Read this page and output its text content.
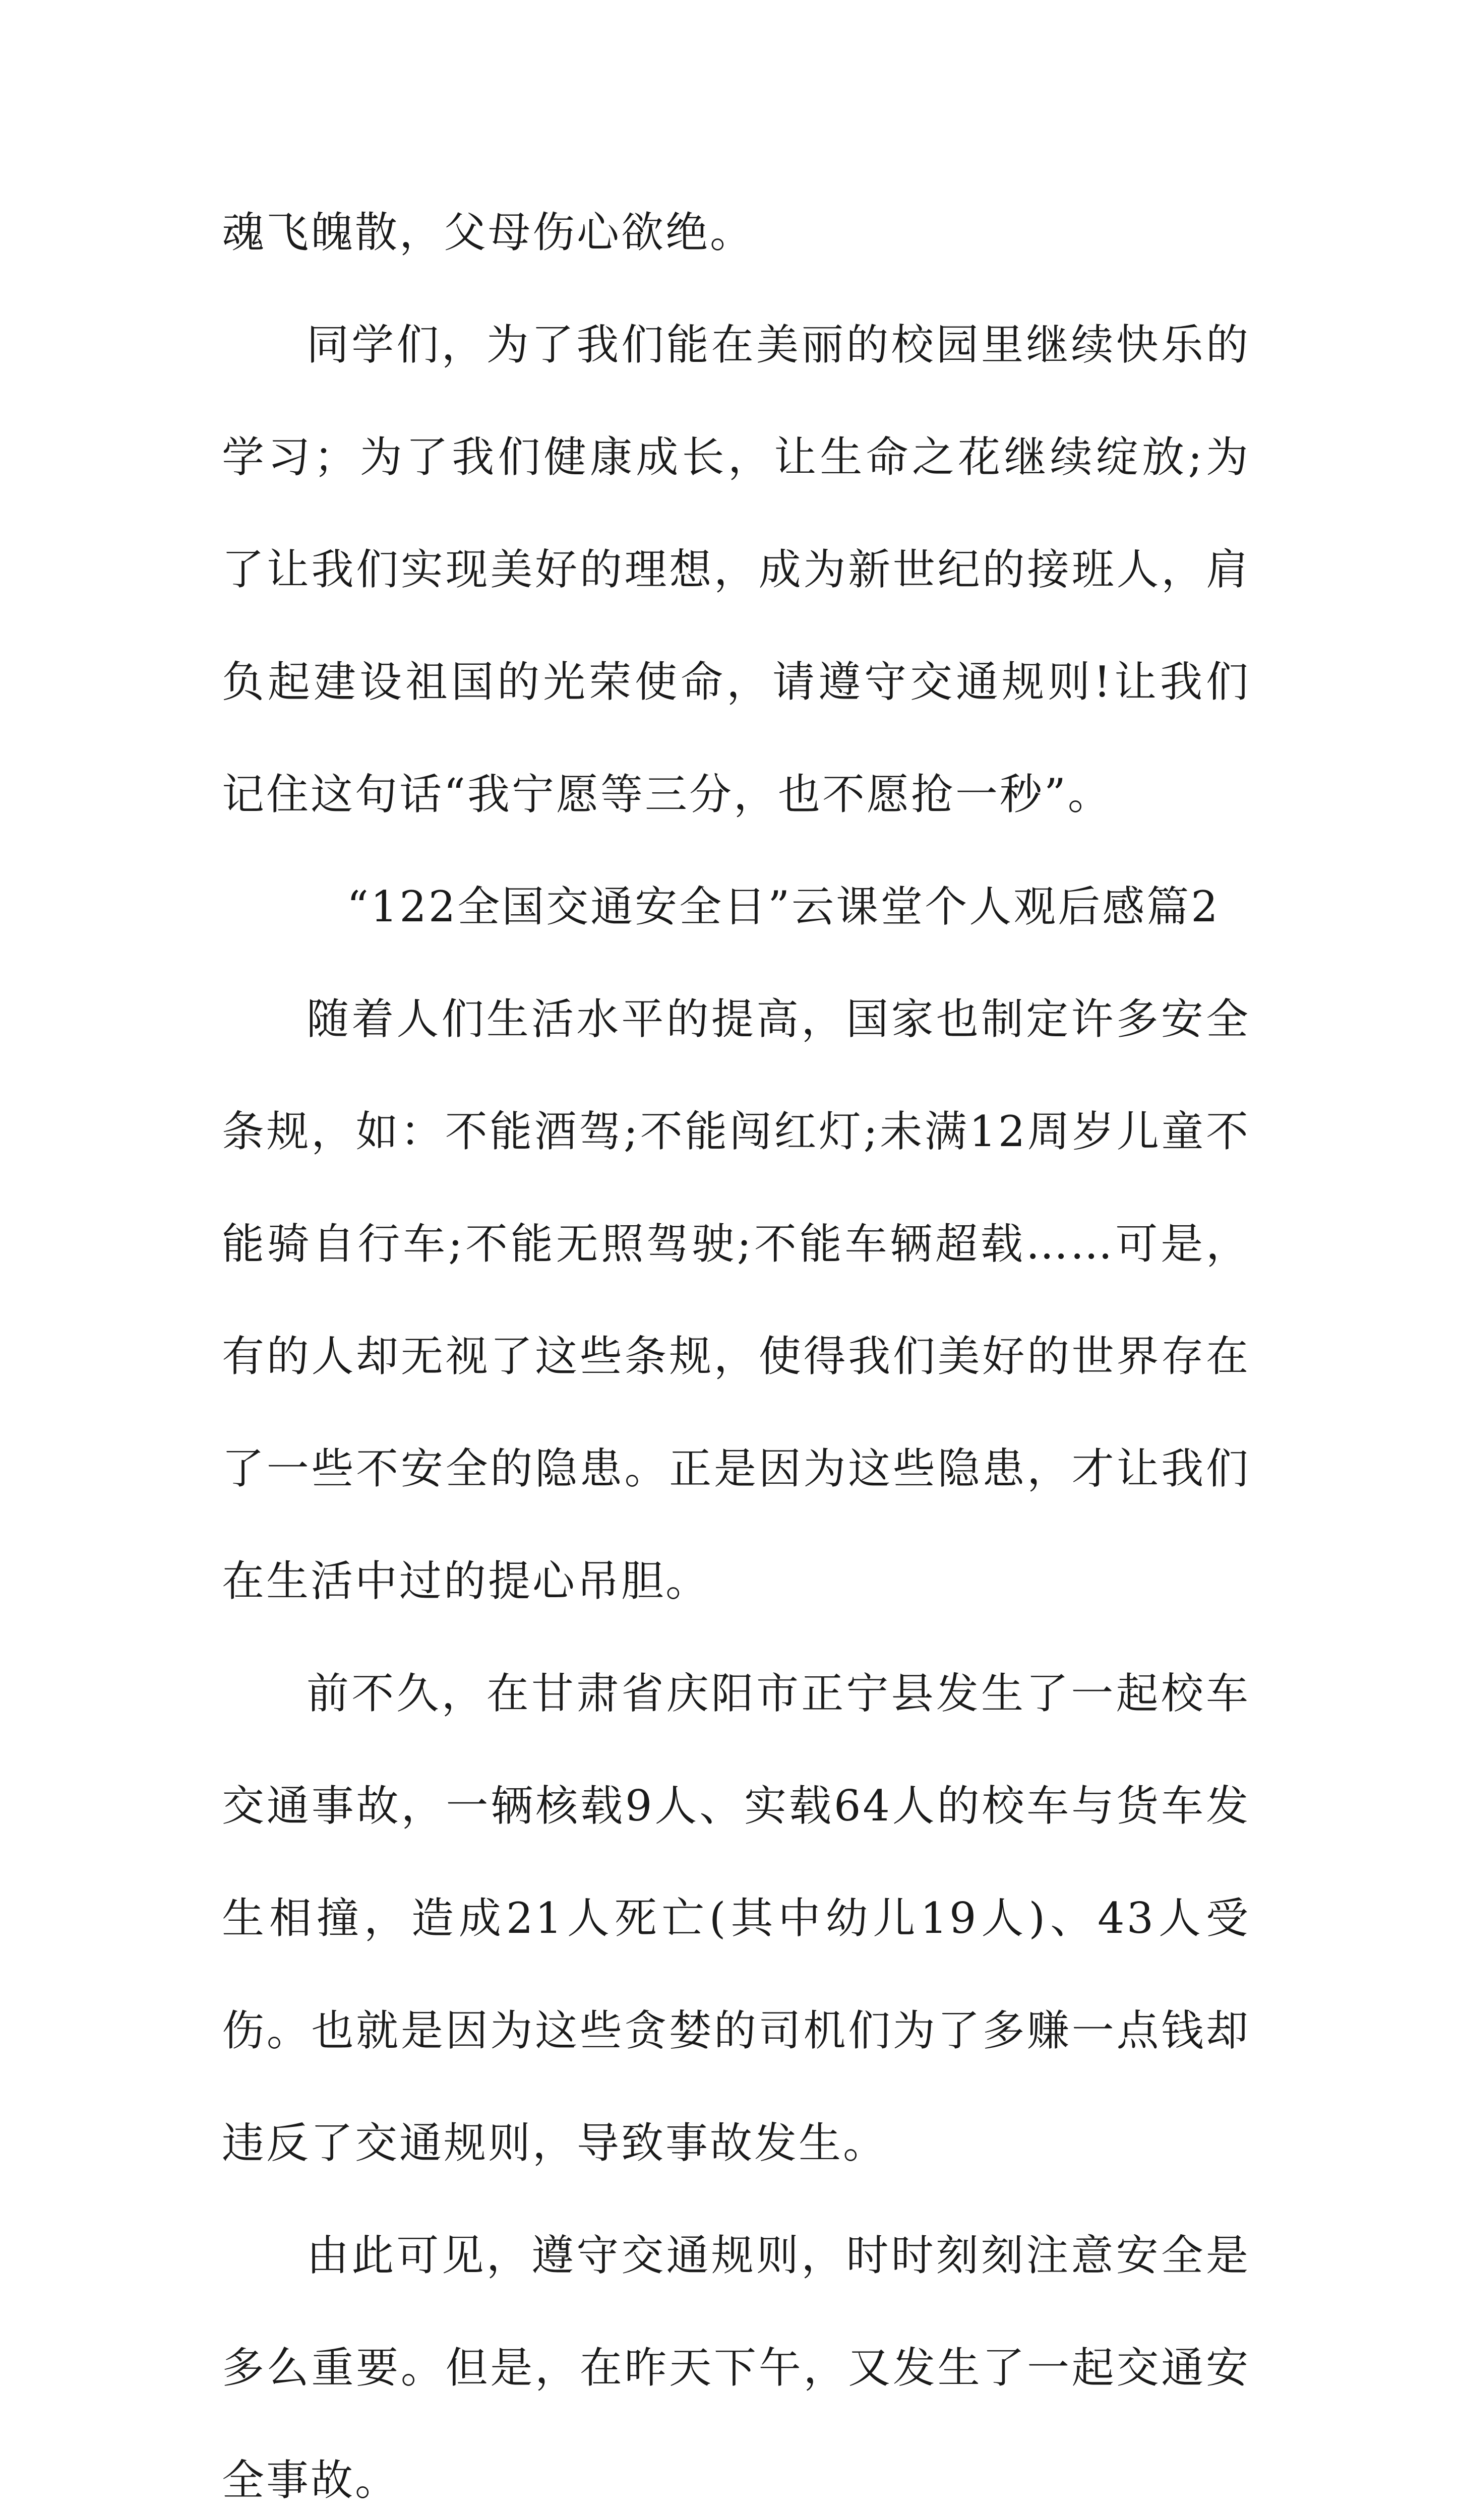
魂飞魄散，父母伤心欲绝。

同学们，为了我们能在美丽的校园里继续快乐的学习；为了我们健康成长，让生命之花继续绽放;为了让我们实现美好的理想，成为新世纪的接班人，肩负起建设祖国的光荣使命，请遵守交通规则!让我们记住这句话“我宁愿等三分，也不愿抢一秒”。

“122全国交通安全日”云课堂个人观后感篇2

随着人们生活水平的提高，国家也制定许多安全条规，如：不能酒驾;不能闯红灯;未满12周岁儿童不能骑自行车;不能无照驾驶;不能车辆超载……可是，有的人却无视了这些条规，使得我们美好的世界存在了一些不安全的隐患。正是因为这些隐患，才让我们在生活中过的提心吊胆。

前不久，在甘肃省庆阳市正宁县发生了一起校车交通事故，一辆核载9人、实载64人的校车与货车发生相撞，造成21人死亡(其中幼儿19人)、43人受伤。也就是因为这些贪婪的司机们为了多赚一点钱却违反了交通规则，导致事故发生。

由此可见，遵守交通规则，时时刻刻注意安全是多么重要。但是，在昨天下午，又发生了一起交通安全事故。
